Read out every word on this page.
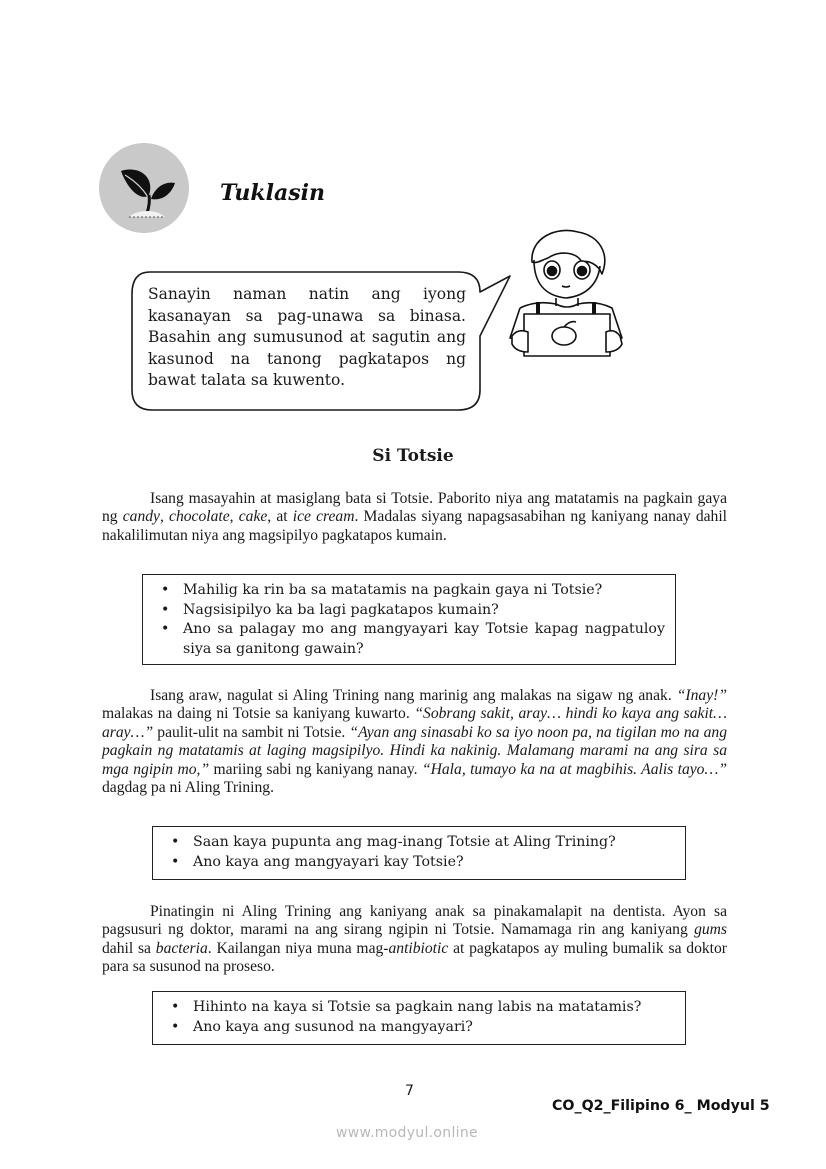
Tuklasin
Sanayin naman natin ang iyong kasanayan sa pag-unawa sa binasa. Basahin ang sumusunod at sagutin ang kasunod na tanong pagkatapos ng bawat talata sa kuwento.
Si Totsie
Isang masayahin at masiglang bata si Totsie. Paborito niya ang matatamis na pagkain gaya ng candy, chocolate, cake, at ice cream. Madalas siyang napagsasabihan ng kaniyang nanay dahil nakalilimutan niya ang magsipilyo pagkatapos kumain.
• Mahilig ka rin ba sa matatamis na pagkain gaya ni Totsie?
• Nagsisipilyo ka ba lagi pagkatapos kumain?
• Ano sa palagay mo ang mangyayari kay Totsie kapag nagpatuloy siya sa ganitong gawain?
Isang araw, nagulat si Aling Trining nang marinig ang malakas na sigaw ng anak. “Inay!” malakas na daing ni Totsie sa kaniyang kuwarto. “Sobrang sakit, aray… hindi ko kaya ang sakit…aray…” paulit-ulit na sambit ni Totsie. “Ayan ang sinasabi ko sa iyo noon pa, na tigilan mo na ang pagkain ng matatamis at laging magsipilyo. Hindi ka nakinig. Malamang marami na ang sira sa mga ngipin mo,” mariing sabi ng kaniyang nanay. “Hala, tumayo ka na at magbihis. Aalis tayo…” dagdag pa ni Aling Trining.
• Saan kaya pupunta ang mag-inang Totsie at Aling Trining?
• Ano kaya ang mangyayari kay Totsie?
Pinatingin ni Aling Trining ang kaniyang anak sa pinakamalapit na dentista. Ayon sa pagsusuri ng doktor, marami na ang sirang ngipin ni Totsie. Namamaga rin ang kaniyang gums dahil sa bacteria. Kailangan niya muna mag-antibiotic at pagkatapos ay muling bumalik sa doktor para sa susunod na proseso.
• Hihinto na kaya si Totsie sa pagkain nang labis na matatamis?
• Ano kaya ang susunod na mangyayari?
7
CO_Q2_Filipino 6_ Modyul 5
www.modyul.online
